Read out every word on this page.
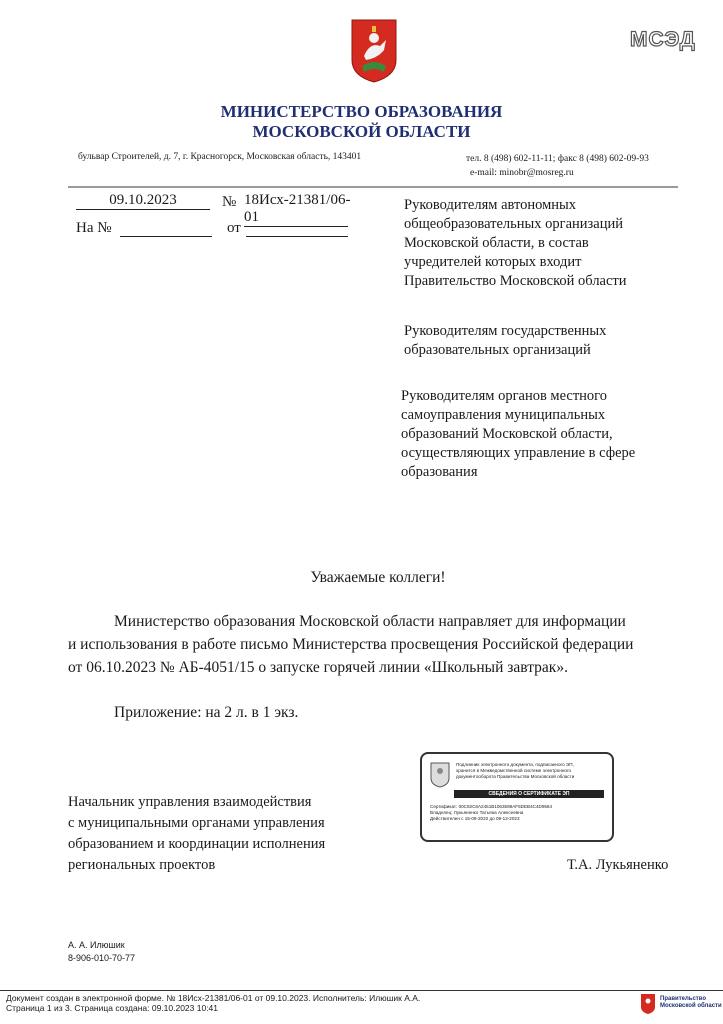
МСЭД
МИНИСТЕРСТВО ОБРАЗОВАНИЯ
МОСКОВСКОЙ ОБЛАСТИ
бульвар Строителей, д. 7, г. Красногорск, Московская область, 143401	тел. 8 (498) 602-11-11; факс 8 (498) 602-09-93
e-mail: minobr@mosreg.ru
09.10.2023	№ 18Исх-21381/06-01
На №	от
Руководителям автономных
общеобразовательных организаций
Московской области, в состав
учредителей которых входит
Правительство Московской области
Руководителям государственных
образовательных организаций
Руководителям органов местного
самоуправления муниципальных
образований Московской области,
осуществляющих управление в сфере
образования
Уважаемые коллеги!
Министерство образования Московской области направляет для информации
и использования в работе письмо Министерства просвещения Российской федерации
от 06.10.2023 № АБ-4051/15 о запуске горячей линии «Школьный завтрак».
Приложение: на 2 л. в 1 экз.
Подлинник электронного документа, подписанного ЭП,
хранится в Межведомственной системе электронного
документооборота Правительства Московской области
СВЕДЕНИЯ О СЕРТИФИКАТЕ ЭП
Сертификат: 00C92C8A2451B1063598AF5DEB4C4D9564
Владелец: Лукьяненко Татьяна Алексеевна
Действителен с 15-09-2022 до 09-12-2023
Начальник управления взаимодействия
с муниципальными органами управления
образованием и координации исполнения
региональных проектов	Т.А. Лукьяненко
А. А. Илюшик
8-906-010-70-77
Документ создан в электронной форме. № 18Исх-21381/06-01 от 09.10.2023. Исполнитель: Илюшик А.А.
Страница 1 из 3. Страница создана: 09.10.2023 10:41
Правительство
Московской области
